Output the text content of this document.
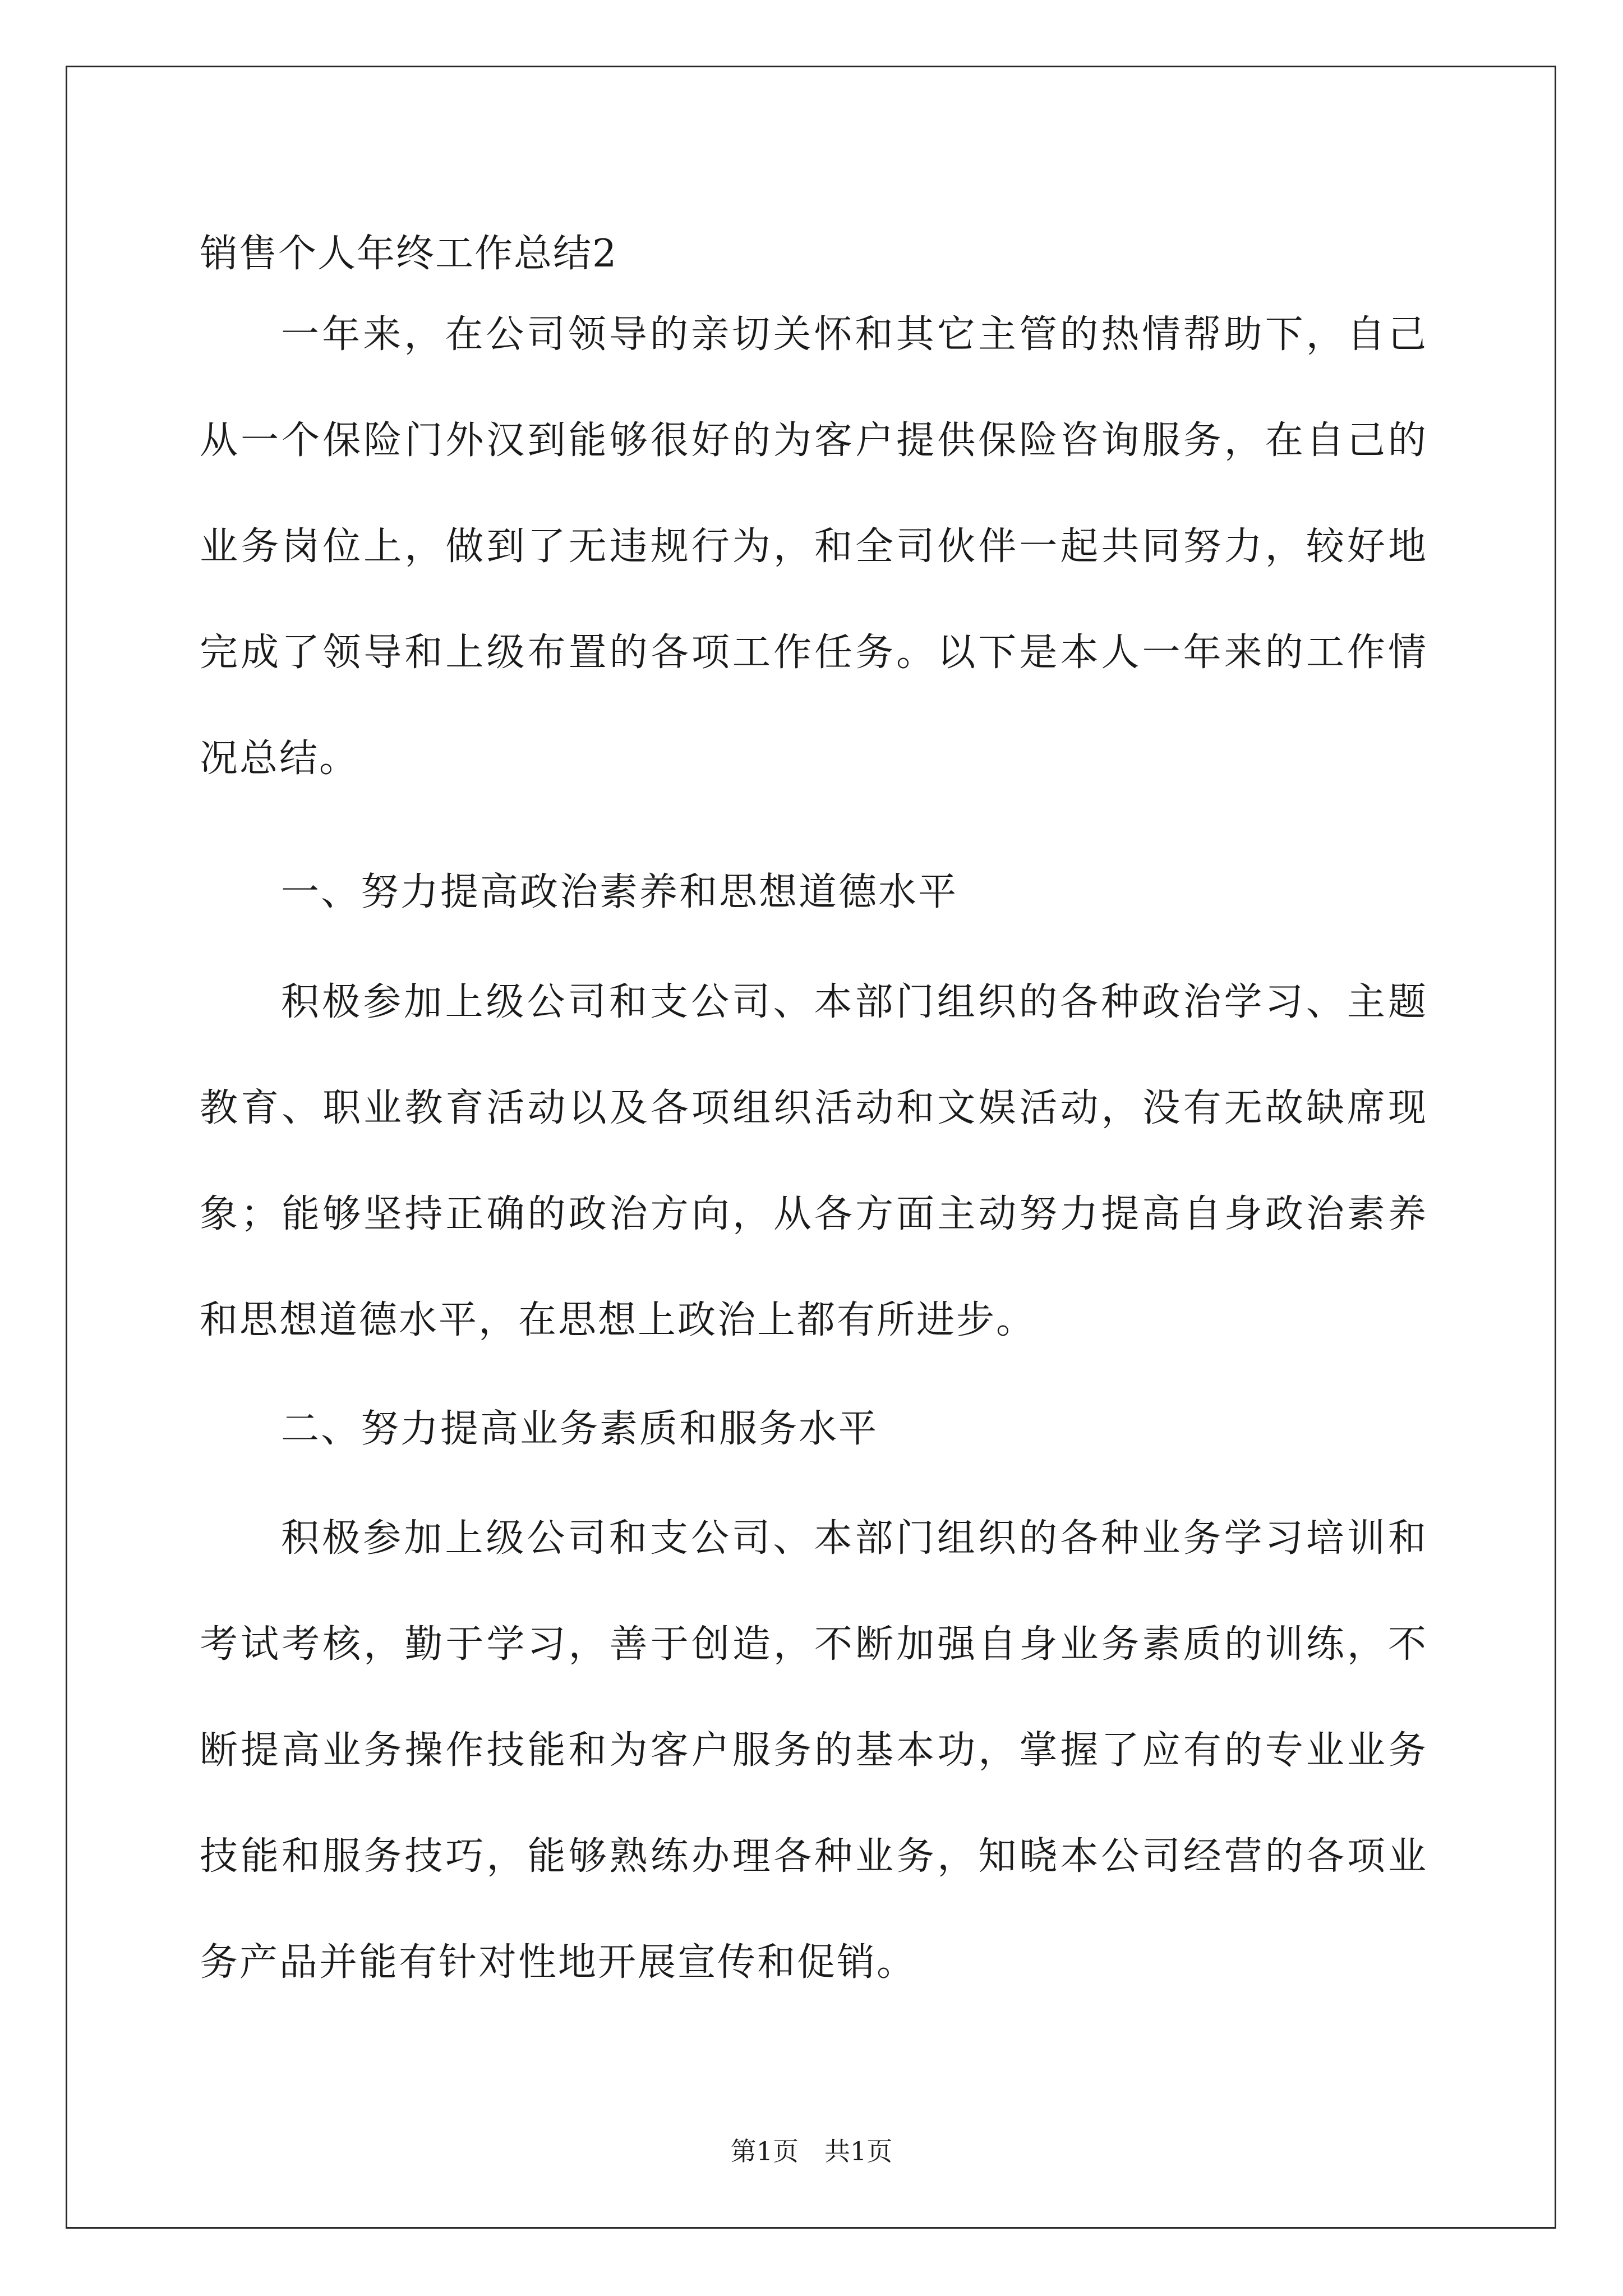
销售个人年终工作总结2

一年来，在公司领导的亲切关怀和其它主管的热情帮助下，自己从一个保险门外汉到能够很好的为客户提供保险咨询服务，在自己的业务岗位上，做到了无违规行为，和全司伙伴一起共同努力，较好地完成了领导和上级布置的各项工作任务。以下是本人一年来的工作情况总结。

一、努力提高政治素养和思想道德水平

积极参加上级公司和支公司、本部门组织的各种政治学习、主题教育、职业教育活动以及各项组织活动和文娱活动，没有无故缺席现象；能够坚持正确的政治方向，从各方面主动努力提高自身政治素养和思想道德水平，在思想上政治上都有所进步。

二、努力提高业务素质和服务水平

积极参加上级公司和支公司、本部门组织的各种业务学习培训和考试考核，勤于学习，善于创造，不断加强自身业务素质的训练，不断提高业务操作技能和为客户服务的基本功，掌握了应有的专业业务技能和服务技巧，能够熟练办理各种业务，知晓本公司经营的各项业务产品并能有针对性地开展宣传和促销。

第1页　共1页
